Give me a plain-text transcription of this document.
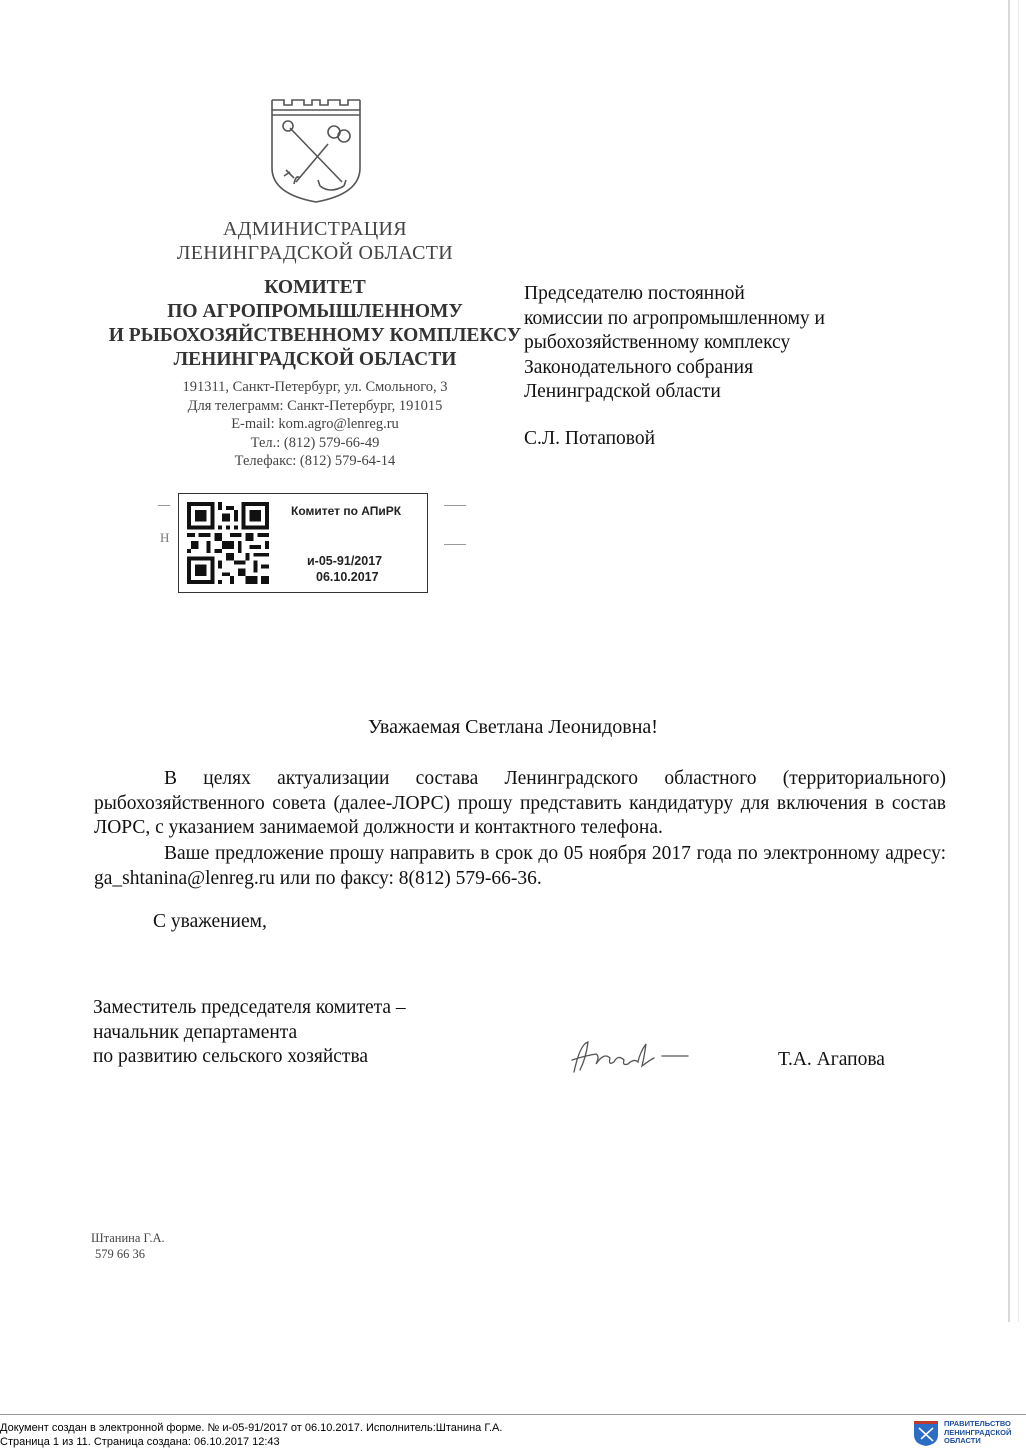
АДМИНИСТРАЦИЯ
ЛЕНИНГРАДСКОЙ ОБЛАСТИ
КОМИТЕТ
ПО АГРОПРОМЫШЛЕННОМУ
И РЫБОХОЗЯЙСТВЕННОМУ КОМПЛЕКСУ
ЛЕНИНГРАДСКОЙ ОБЛАСТИ
191311, Санкт-Петербург, ул. Смольного, 3
Для телеграмм: Санкт-Петербург, 191015
E-mail: kom.agro@lenreg.ru
Тел.: (812) 579-66-49
Телефакс: (812) 579-64-14
Председателю постоянной
комиссии по агропромышленному и
рыбохозяйственному комплексу
Законодательного собрания
Ленинградской области
С.Л. Потаповой
Н
Комитет по АПиРК
и-05-91/2017
06.10.2017
Уважаемая Светлана Леонидовна!
В целях актуализации состава Ленинградского областного (территориального) рыбохозяйственного совета (далее-ЛОРС) прошу представить кандидатуру для включения в состав ЛОРС, с указанием занимаемой должности и контактного телефона.
Ваше предложение прошу направить в срок до 05 ноября 2017 года по электронному адресу: ga_shtanina@lenreg.ru или по факсу: 8(812) 579-66-36.
С уважением,
Заместитель председателя комитета –
начальник департамента
по развитию сельского хозяйства	Т.А. Агапова
Штанина Г.А.
579 66 36
Документ создан в электронной форме. № и-05-91/2017 от 06.10.2017. Исполнитель:Штанина Г.А.
Страница 1 из 11. Страница создана: 06.10.2017 12:43
ПРАВИТЕЛЬСТВО
ЛЕНИНГРАДСКОЙ
ОБЛАСТИ
